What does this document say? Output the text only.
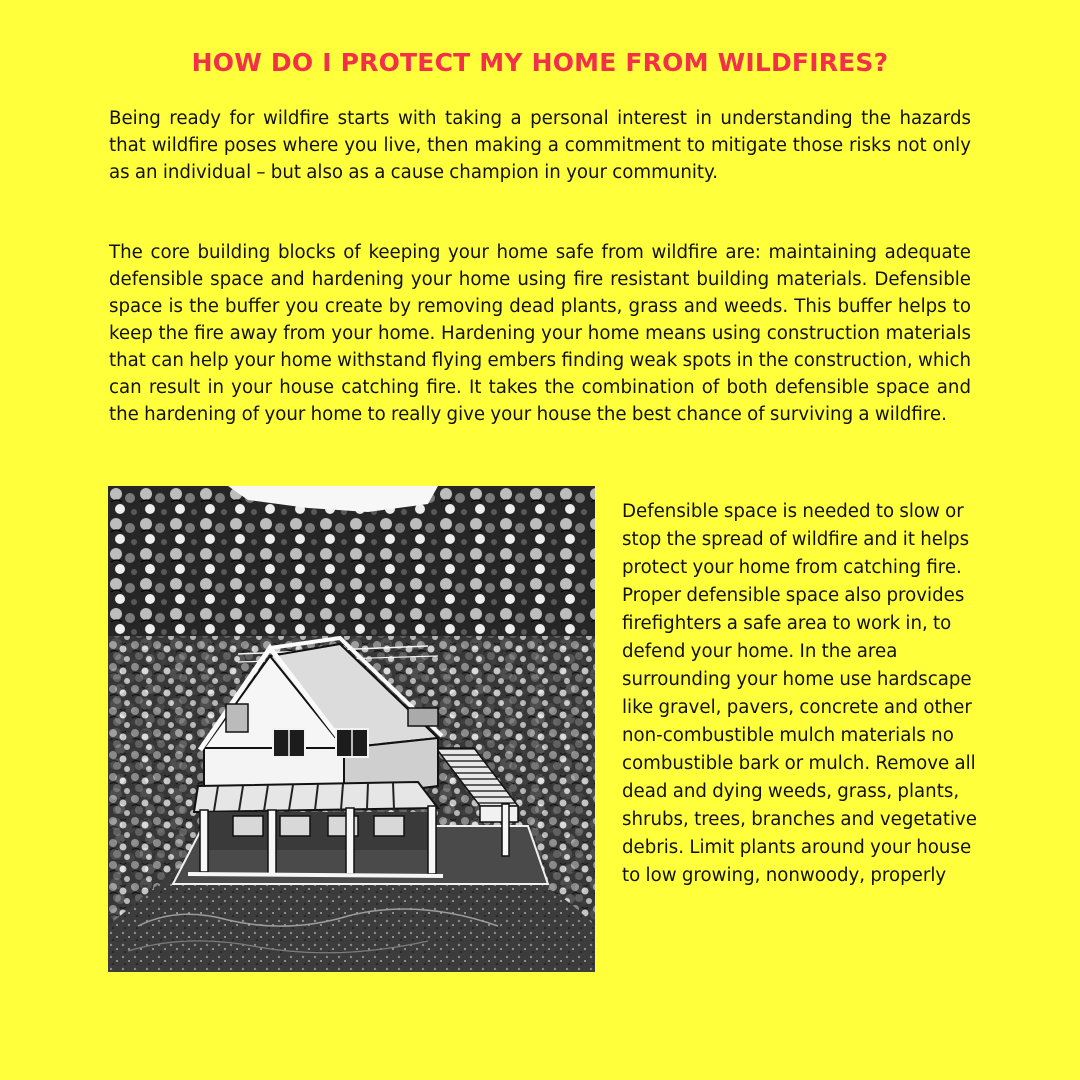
HOW DO I PROTECT MY HOME FROM WILDFIRES?

Being ready for wildfire starts with taking a personal interest in understanding the hazards that wildfire poses where you live, then making a commitment to mitigate those risks not only as an individual – but also as a cause champion in your community.

The core building blocks of keeping your home safe from wildfire are: maintaining adequate defensible space and hardening your home using fire resistant building materials. Defensible space is the buffer you create by removing dead plants, grass and weeds. This buffer helps to keep the fire away from your home. Hardening your home means using construction materials that can help your home withstand flying embers finding weak spots in the construction, which can result in your house catching fire. It takes the combination of both defensible space and the hardening of your home to really give your house the best chance of surviving a wildfire.

Defensible space is needed to slow or stop the spread of wildfire and it helps protect your home from catching fire. Proper defensible space also provides firefighters a safe area to work in, to defend your home. In the area surrounding your home use hardscape like gravel, pavers, concrete and other non-combustible mulch materials no combustible bark or mulch. Remove all dead and dying weeds, grass, plants, shrubs, trees, branches and vegetative debris. Limit plants around your house to low growing, nonwoody, properly
